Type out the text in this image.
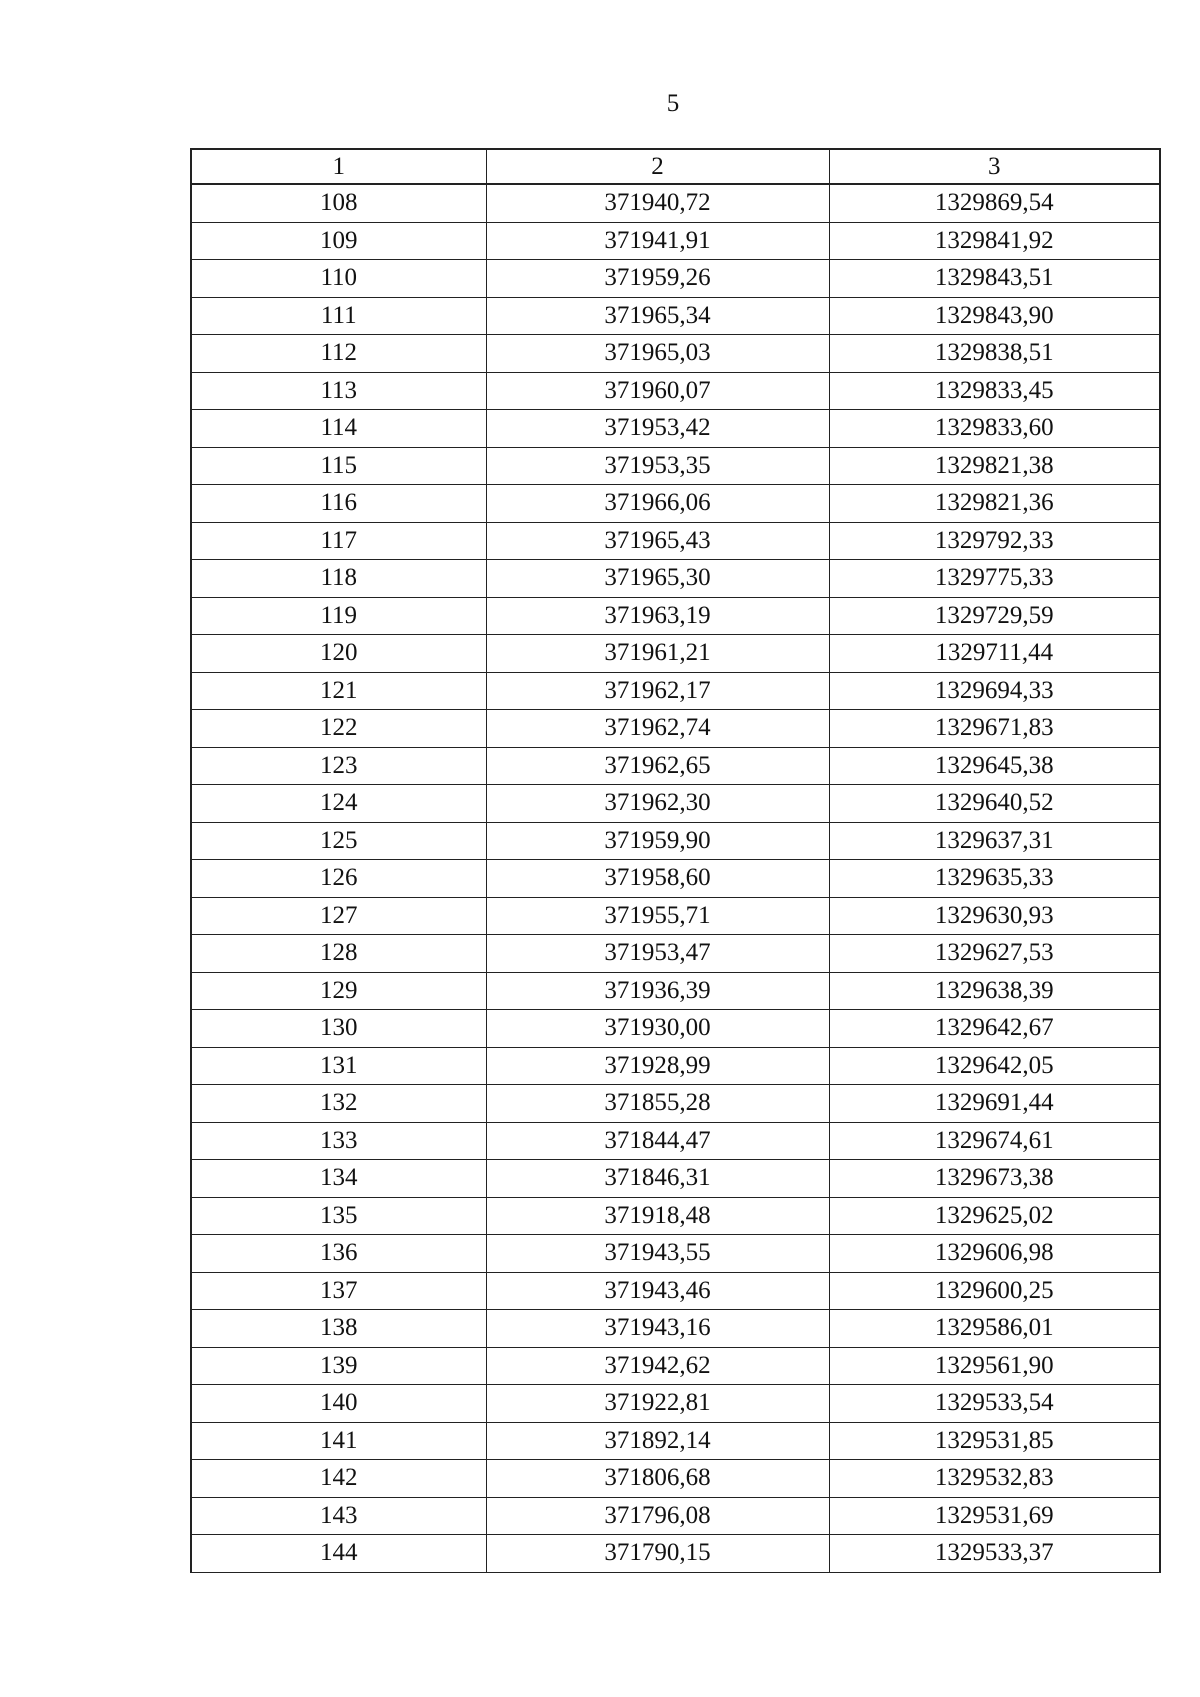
5
1	2	3
108	371940,72	1329869,54
109	371941,91	1329841,92
110	371959,26	1329843,51
111	371965,34	1329843,90
112	371965,03	1329838,51
113	371960,07	1329833,45
114	371953,42	1329833,60
115	371953,35	1329821,38
116	371966,06	1329821,36
117	371965,43	1329792,33
118	371965,30	1329775,33
119	371963,19	1329729,59
120	371961,21	1329711,44
121	371962,17	1329694,33
122	371962,74	1329671,83
123	371962,65	1329645,38
124	371962,30	1329640,52
125	371959,90	1329637,31
126	371958,60	1329635,33
127	371955,71	1329630,93
128	371953,47	1329627,53
129	371936,39	1329638,39
130	371930,00	1329642,67
131	371928,99	1329642,05
132	371855,28	1329691,44
133	371844,47	1329674,61
134	371846,31	1329673,38
135	371918,48	1329625,02
136	371943,55	1329606,98
137	371943,46	1329600,25
138	371943,16	1329586,01
139	371942,62	1329561,90
140	371922,81	1329533,54
141	371892,14	1329531,85
142	371806,68	1329532,83
143	371796,08	1329531,69
144	371790,15	1329533,37
